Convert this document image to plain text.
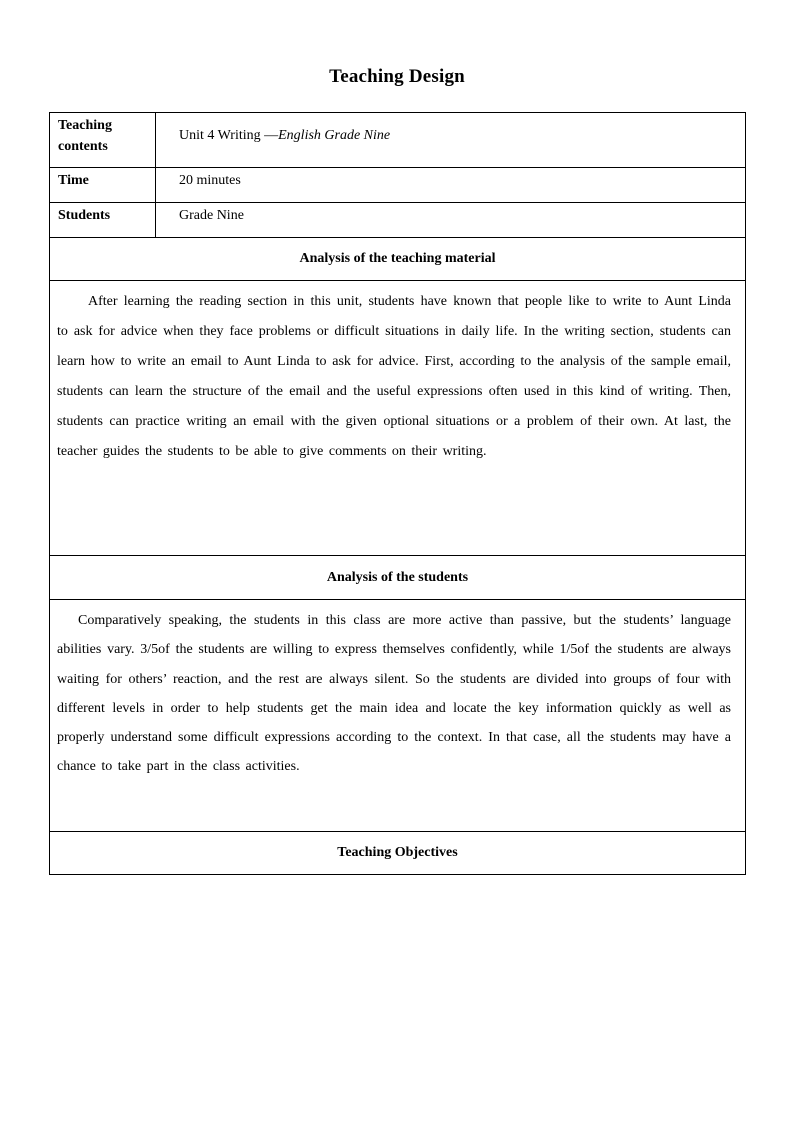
Teaching Design
Teaching contents	Unit 4 Writing —English Grade Nine

Time	20 minutes

Students	Grade Nine

Analysis of the teaching material	

After learning the reading section in this unit, students have known that people like to write to Aunt Linda to ask for advice when they face problems or difficult situations in daily life. In the writing section, students can learn how to write an email to Aunt Linda to ask for advice. First, according to the analysis of the sample email, students can learn the structure of the email and the useful expressions often used in this kind of writing. Then, students can practice writing an email with the given optional situations or a problem of their own. At last, the teacher guides the students to be able to give comments on their writing.	

Analysis of the students	

Comparatively speaking, the students in this class are more active than passive, but the students’ language abilities vary. 3/5of the students are willing to express themselves confidently, while 1/5of the students are always waiting for others’ reaction, and the rest are always silent. So the students are divided into groups of four with different levels in order to help students get the main idea and locate the key information quickly as well as properly understand some difficult expressions according to the context. In that case, all the students may have a chance to take part in the class activities.	

Teaching Objectives	
